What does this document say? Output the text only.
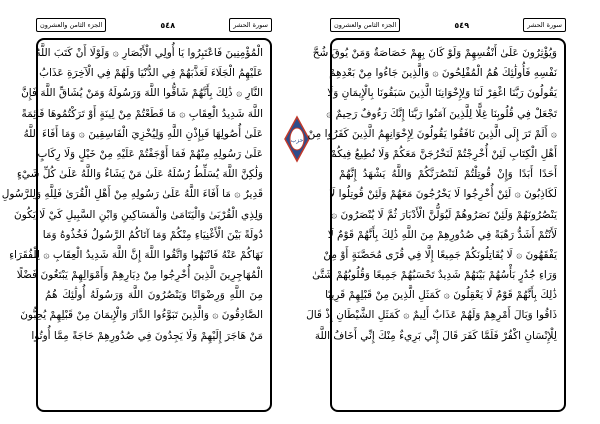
سورة الحشر
٥٤٨
الجزء الثامن والعشرون
الْمُؤْمِنِينَ فَاعْتَبِرُوا يَا أُولِي الْأَبْصَارِ ۞ وَلَوْلَا أَنْ كَتَبَ اللَّهُ
عَلَيْهِمُ الْجَلَاءَ لَعَذَّبَهُمْ فِي الدُّنْيَا وَلَهُمْ فِي الْآخِرَةِ عَذَابُ
النَّارِ ۞ ذَٰلِكَ بِأَنَّهُمْ شَاقُّوا اللَّهَ وَرَسُولَهُ وَمَنْ يُشَاقِّ اللَّهَ فَإِنَّ
اللَّهَ شَدِيدُ الْعِقَابِ ۞ مَا قَطَعْتُمْ مِنْ لِينَةٍ أَوْ تَرَكْتُمُوهَا قَائِمَةً
عَلَىٰ أُصُولِهَا فَبِإِذْنِ اللَّهِ وَلِيُخْزِيَ الْفَاسِقِينَ ۞ وَمَا أَفَاءَ اللَّهُ
عَلَىٰ رَسُولِهِ مِنْهُمْ فَمَا أَوْجَفْتُمْ عَلَيْهِ مِنْ خَيْلٍ وَلَا رِكَابٍ
وَلَٰكِنَّ اللَّهَ يُسَلِّطُ رُسُلَهُ عَلَىٰ مَنْ يَشَاءُ وَاللَّهُ عَلَىٰ كُلِّ شَيْءٍ
قَدِيرٌ ۞ مَا أَفَاءَ اللَّهُ عَلَىٰ رَسُولِهِ مِنْ أَهْلِ الْقُرَىٰ فَلِلَّهِ وَلِلرَّسُولِ
وَلِذِي الْقُرْبَىٰ وَالْيَتَامَىٰ وَالْمَسَاكِينِ وَابْنِ السَّبِيلِ كَيْ لَا يَكُونَ
دُولَةً بَيْنَ الْأَغْنِيَاءِ مِنْكُمْ وَمَا آتَاكُمُ الرَّسُولُ فَخُذُوهُ وَمَا
نَهَاكُمْ عَنْهُ فَانْتَهُوا وَاتَّقُوا اللَّهَ إِنَّ اللَّهَ شَدِيدُ الْعِقَابِ ۞ لِلْفُقَرَاءِ
الْمُهَاجِرِينَ الَّذِينَ أُخْرِجُوا مِنْ دِيَارِهِمْ وَأَمْوَالِهِمْ يَبْتَغُونَ فَضْلًا
مِنَ اللَّهِ وَرِضْوَانًا وَيَنْصُرُونَ اللَّهَ وَرَسُولَهُ أُولَٰئِكَ هُمُ
الصَّادِقُونَ ۞ وَالَّذِينَ تَبَوَّءُوا الدَّارَ وَالْإِيمَانَ مِنْ قَبْلِهِمْ يُحِبُّونَ
مَنْ هَاجَرَ إِلَيْهِمْ وَلَا يَجِدُونَ فِي صُدُورِهِمْ حَاجَةً مِمَّا أُوتُوا
حزب
سورة الحشر
٥٤٩
الجزء الثامن والعشرون
وَيُؤْثِرُونَ عَلَىٰ أَنْفُسِهِمْ وَلَوْ كَانَ بِهِمْ خَصَاصَةٌ وَمَنْ يُوقَ شُحَّ
نَفْسِهِ فَأُولَٰئِكَ هُمُ الْمُفْلِحُونَ ۞ وَالَّذِينَ جَاءُوا مِنْ بَعْدِهِمْ
يَقُولُونَ رَبَّنَا اغْفِرْ لَنَا وَلِإِخْوَانِنَا الَّذِينَ سَبَقُونَا بِالْإِيمَانِ وَلَا
تَجْعَلْ فِي قُلُوبِنَا غِلًّا لِلَّذِينَ آمَنُوا رَبَّنَا إِنَّكَ رَءُوفٌ رَحِيمٌ ۞
۞ أَلَمْ تَرَ إِلَى الَّذِينَ نَافَقُوا يَقُولُونَ لِإِخْوَانِهِمُ الَّذِينَ كَفَرُوا مِنْ
أَهْلِ الْكِتَابِ لَئِنْ أُخْرِجْتُمْ لَنَخْرُجَنَّ مَعَكُمْ وَلَا نُطِيعُ فِيكُمْ
أَحَدًا أَبَدًا وَإِنْ قُوتِلْتُمْ لَنَنْصُرَنَّكُمْ وَاللَّهُ يَشْهَدُ إِنَّهُمْ
لَكَاذِبُونَ ۞ لَئِنْ أُخْرِجُوا لَا يَخْرُجُونَ مَعَهُمْ وَلَئِنْ قُوتِلُوا لَا
يَنْصُرُونَهُمْ وَلَئِنْ نَصَرُوهُمْ لَيُوَلُّنَّ الْأَدْبَارَ ثُمَّ لَا يُنْصَرُونَ ۞
لَأَنْتُمْ أَشَدُّ رَهْبَةً فِي صُدُورِهِمْ مِنَ اللَّهِ ذَٰلِكَ بِأَنَّهُمْ قَوْمٌ لَا
يَفْقَهُونَ ۞ لَا يُقَاتِلُونَكُمْ جَمِيعًا إِلَّا فِي قُرًى مُحَصَّنَةٍ أَوْ مِنْ
وَرَاءِ جُدُرٍ بَأْسُهُمْ بَيْنَهُمْ شَدِيدٌ تَحْسَبُهُمْ جَمِيعًا وَقُلُوبُهُمْ شَتَّىٰ
ذَٰلِكَ بِأَنَّهُمْ قَوْمٌ لَا يَعْقِلُونَ ۞ كَمَثَلِ الَّذِينَ مِنْ قَبْلِهِمْ قَرِيبًا
ذَاقُوا وَبَالَ أَمْرِهِمْ وَلَهُمْ عَذَابٌ أَلِيمٌ ۞ كَمَثَلِ الشَّيْطَانِ إِذْ قَالَ
لِلْإِنْسَانِ اكْفُرْ فَلَمَّا كَفَرَ قَالَ إِنِّي بَرِيءٌ مِنْكَ إِنِّي أَخَافُ اللَّهَ
